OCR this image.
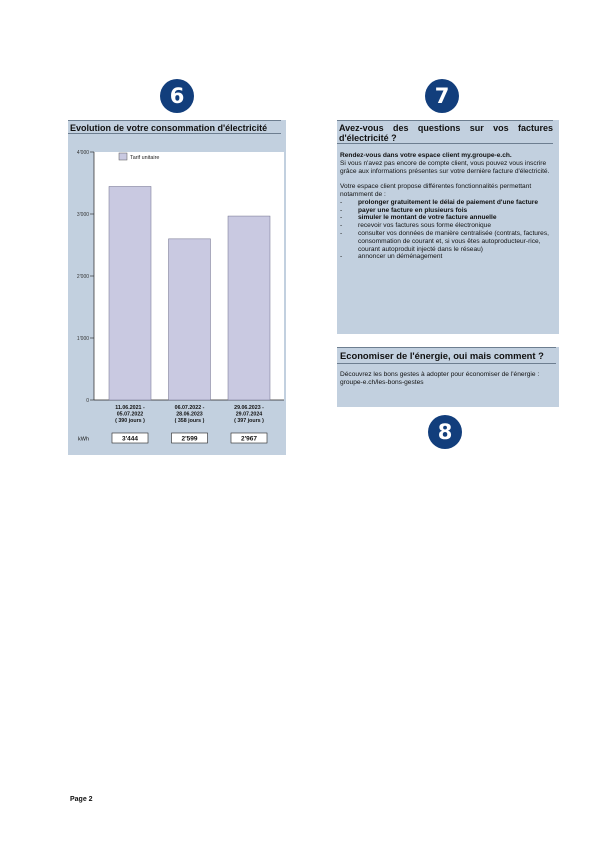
6	7
8
Evolution de votre consommation d'électricité
0
1'000
2'000
3'000
4'000
Tarif unitaire
11.06.2021 -
05.07.2022
( 390 jours )
3'444
06.07.2022 -
28.06.2023
( 358 jours )
2'599
29.06.2023 -
29.07.2024
( 397 jours )
2'967
kWh
Avez-vous des questions sur vos factures d'électricité ?

Rendez-vous dans votre espace client my.groupe-e.ch.
Si vous n'avez pas encore de compte client, vous pouvez vous inscrire grâce aux informations présentes sur votre dernière facture d'électricité.

Votre espace client propose différentes fonctionnalités permettant notamment de :

- prolonger gratuitement le délai de paiement d'une facture
- payer une facture en plusieurs fois
- simuler le montant de votre facture annuelle
- recevoir vos factures sous forme électronique
- consulter vos données de manière centralisée (contrats, factures, consommation de courant et, si vous êtes autoproducteur-rice, courant autoproduit injecté dans le réseau)
- annoncer un déménagement
Economiser de l'énergie, oui mais comment ?

Découvrez les bons gestes à adopter pour économiser de l'énergie :

groupe-e.ch/les-bons-gestes

Page 2
